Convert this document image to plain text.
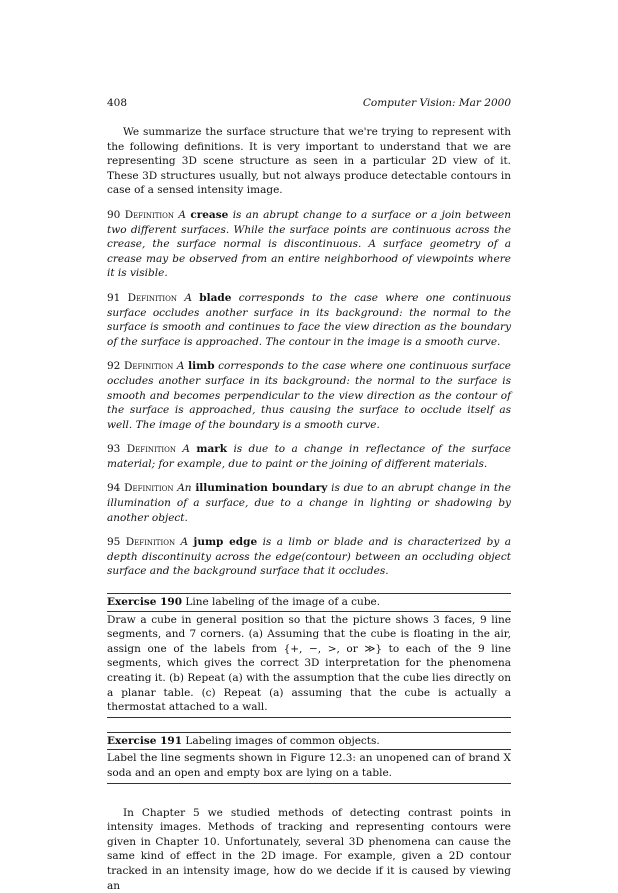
408	Computer Vision: Mar 2000

We summarize the surface structure that we're trying to represent with the following definitions. It is very important to understand that we are representing 3D scene structure as seen in a particular 2D view of it. These 3D structures usually, but not always produce detectable contours in case of a sensed intensity image.

90 Definition A crease is an abrupt change to a surface or a join between two different surfaces. While the surface points are continuous across the crease, the surface normal is discontinuous. A surface geometry of a crease may be observed from an entire neighborhood of viewpoints where it is visible.

91 Definition A blade corresponds to the case where one continuous surface occludes another surface in its background: the normal to the surface is smooth and continues to face the view direction as the boundary of the surface is approached. The contour in the image is a smooth curve.

92 Definition A limb corresponds to the case where one continuous surface occludes another surface in its background: the normal to the surface is smooth and becomes perpendicular to the view direction as the contour of the surface is approached, thus causing the surface to occlude itself as well. The image of the boundary is a smooth curve.

93 Definition A mark is due to a change in reflectance of the surface material; for example, due to paint or the joining of different materials.

94 Definition An illumination boundary is due to an abrupt change in the illumination of a surface, due to a change in lighting or shadowing by another object.

95 Definition A jump edge is a limb or blade and is characterized by a depth discontinuity across the edge(contour) between an occluding object surface and the background surface that it occludes.

Exercise 190 Line labeling of the image of a cube.
Draw a cube in general position so that the picture shows 3 faces, 9 line segments, and 7 corners. (a) Assuming that the cube is floating in the air, assign one of the labels from {+, −, >, or ≫} to each of the 9 line segments, which gives the correct 3D interpretation for the phenomena creating it. (b) Repeat (a) with the assumption that the cube lies directly on a planar table. (c) Repeat (a) assuming that the cube is actually a thermostat attached to a wall.
Exercise 191 Labeling images of common objects.
Label the line segments shown in Figure 12.3: an unopened can of brand X soda and an open and empty box are lying on a table.

In Chapter 5 we studied methods of detecting contrast points in intensity images. Methods of tracking and representing contours were given in Chapter 10. Unfortunately, several 3D phenomena can cause the same kind of effect in the 2D image. For example, given a 2D contour tracked in an intensity image, how do we decide if it is caused by viewing an
